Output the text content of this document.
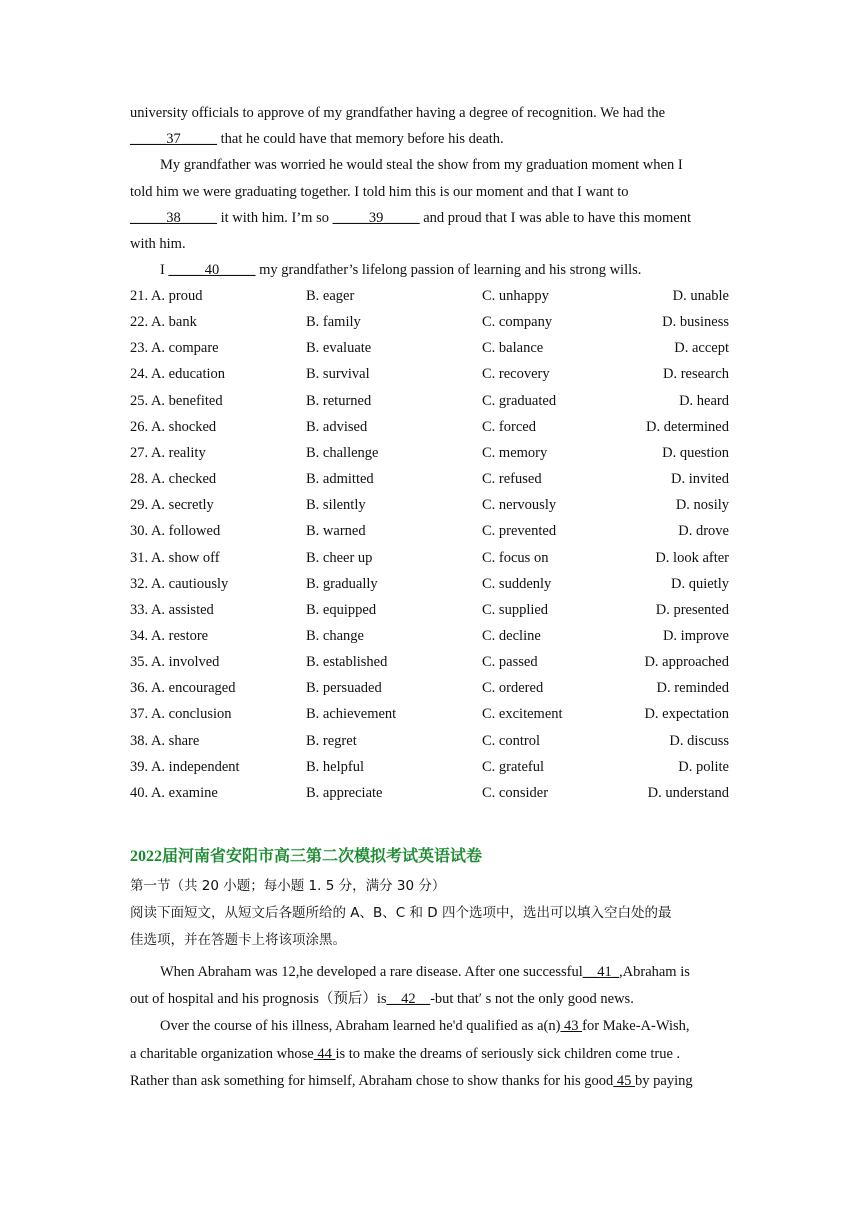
university officials to approve of my grandfather having a degree of recognition. We had the
_____37_____ that he could have that memory before his death.
My grandfather was worried he would steal the show from my graduation moment when I
told him we were graduating together. I told him this is our moment and that I want to
_____38_____ it with him. I’m so _____39_____ and proud that I was able to have this moment
with him.
I _____40_____ my grandfather’s lifelong passion of learning and his strong wills.
21. A. proud	B. eager	C. unhappy	D. unable
22. A. bank	B. family	C. company	D. business
23. A. compare	B. evaluate	C. balance	D. accept
24. A. education	B. survival	C. recovery	D. research
25. A. benefited	B. returned	C. graduated	D. heard
26. A. shocked	B. advised	C. forced	D. determined
27. A. reality	B. challenge	C. memory	D. question
28. A. checked	B. admitted	C. refused	D. invited
29. A. secretly	B. silently	C. nervously	D. nosily
30. A. followed	B. warned	C. prevented	D. drove
31. A. show off	B. cheer up	C. focus on	D. look after
32. A. cautiously	B. gradually	C. suddenly	D. quietly
33. A. assisted	B. equipped	C. supplied	D. presented
34. A. restore	B. change	C. decline	D. improve
35. A. involved	B. established	C. passed	D. approached
36. A. encouraged	B. persuaded	C. ordered	D. reminded
37. A. conclusion	B. achievement	C. excitement	D. expectation
38. A. share	B. regret	C. control	D. discuss
39. A. independent	B. helpful	C. grateful	D. polite
40. A. examine	B. appreciate	C. consider	D. understand
2022届河南省安阳市高三第二次模拟考试英语试卷
第一节（共 20 小题；每小题 1. 5 分，满分 30 分）
阅读下面短文，从短文后各题所给的 A、B、C 和 D 四个选项中，选出可以填入空白处的最
佳选项，并在答题卡上将该项涂黑。
When Abraham was 12,he developed a rare disease. After one successful__41_,Abraham is
out of hospital and his prognosis（预后）is__42__-but that′ s not the only good news.
Over the course of his illness, Abraham learned he'd qualified as a(n) 43 for Make-A-Wish,
a charitable organization whose 44 is to make the dreams of seriously sick children come true .
Rather than ask something for himself, Abraham chose to show thanks for his good 45 by paying
